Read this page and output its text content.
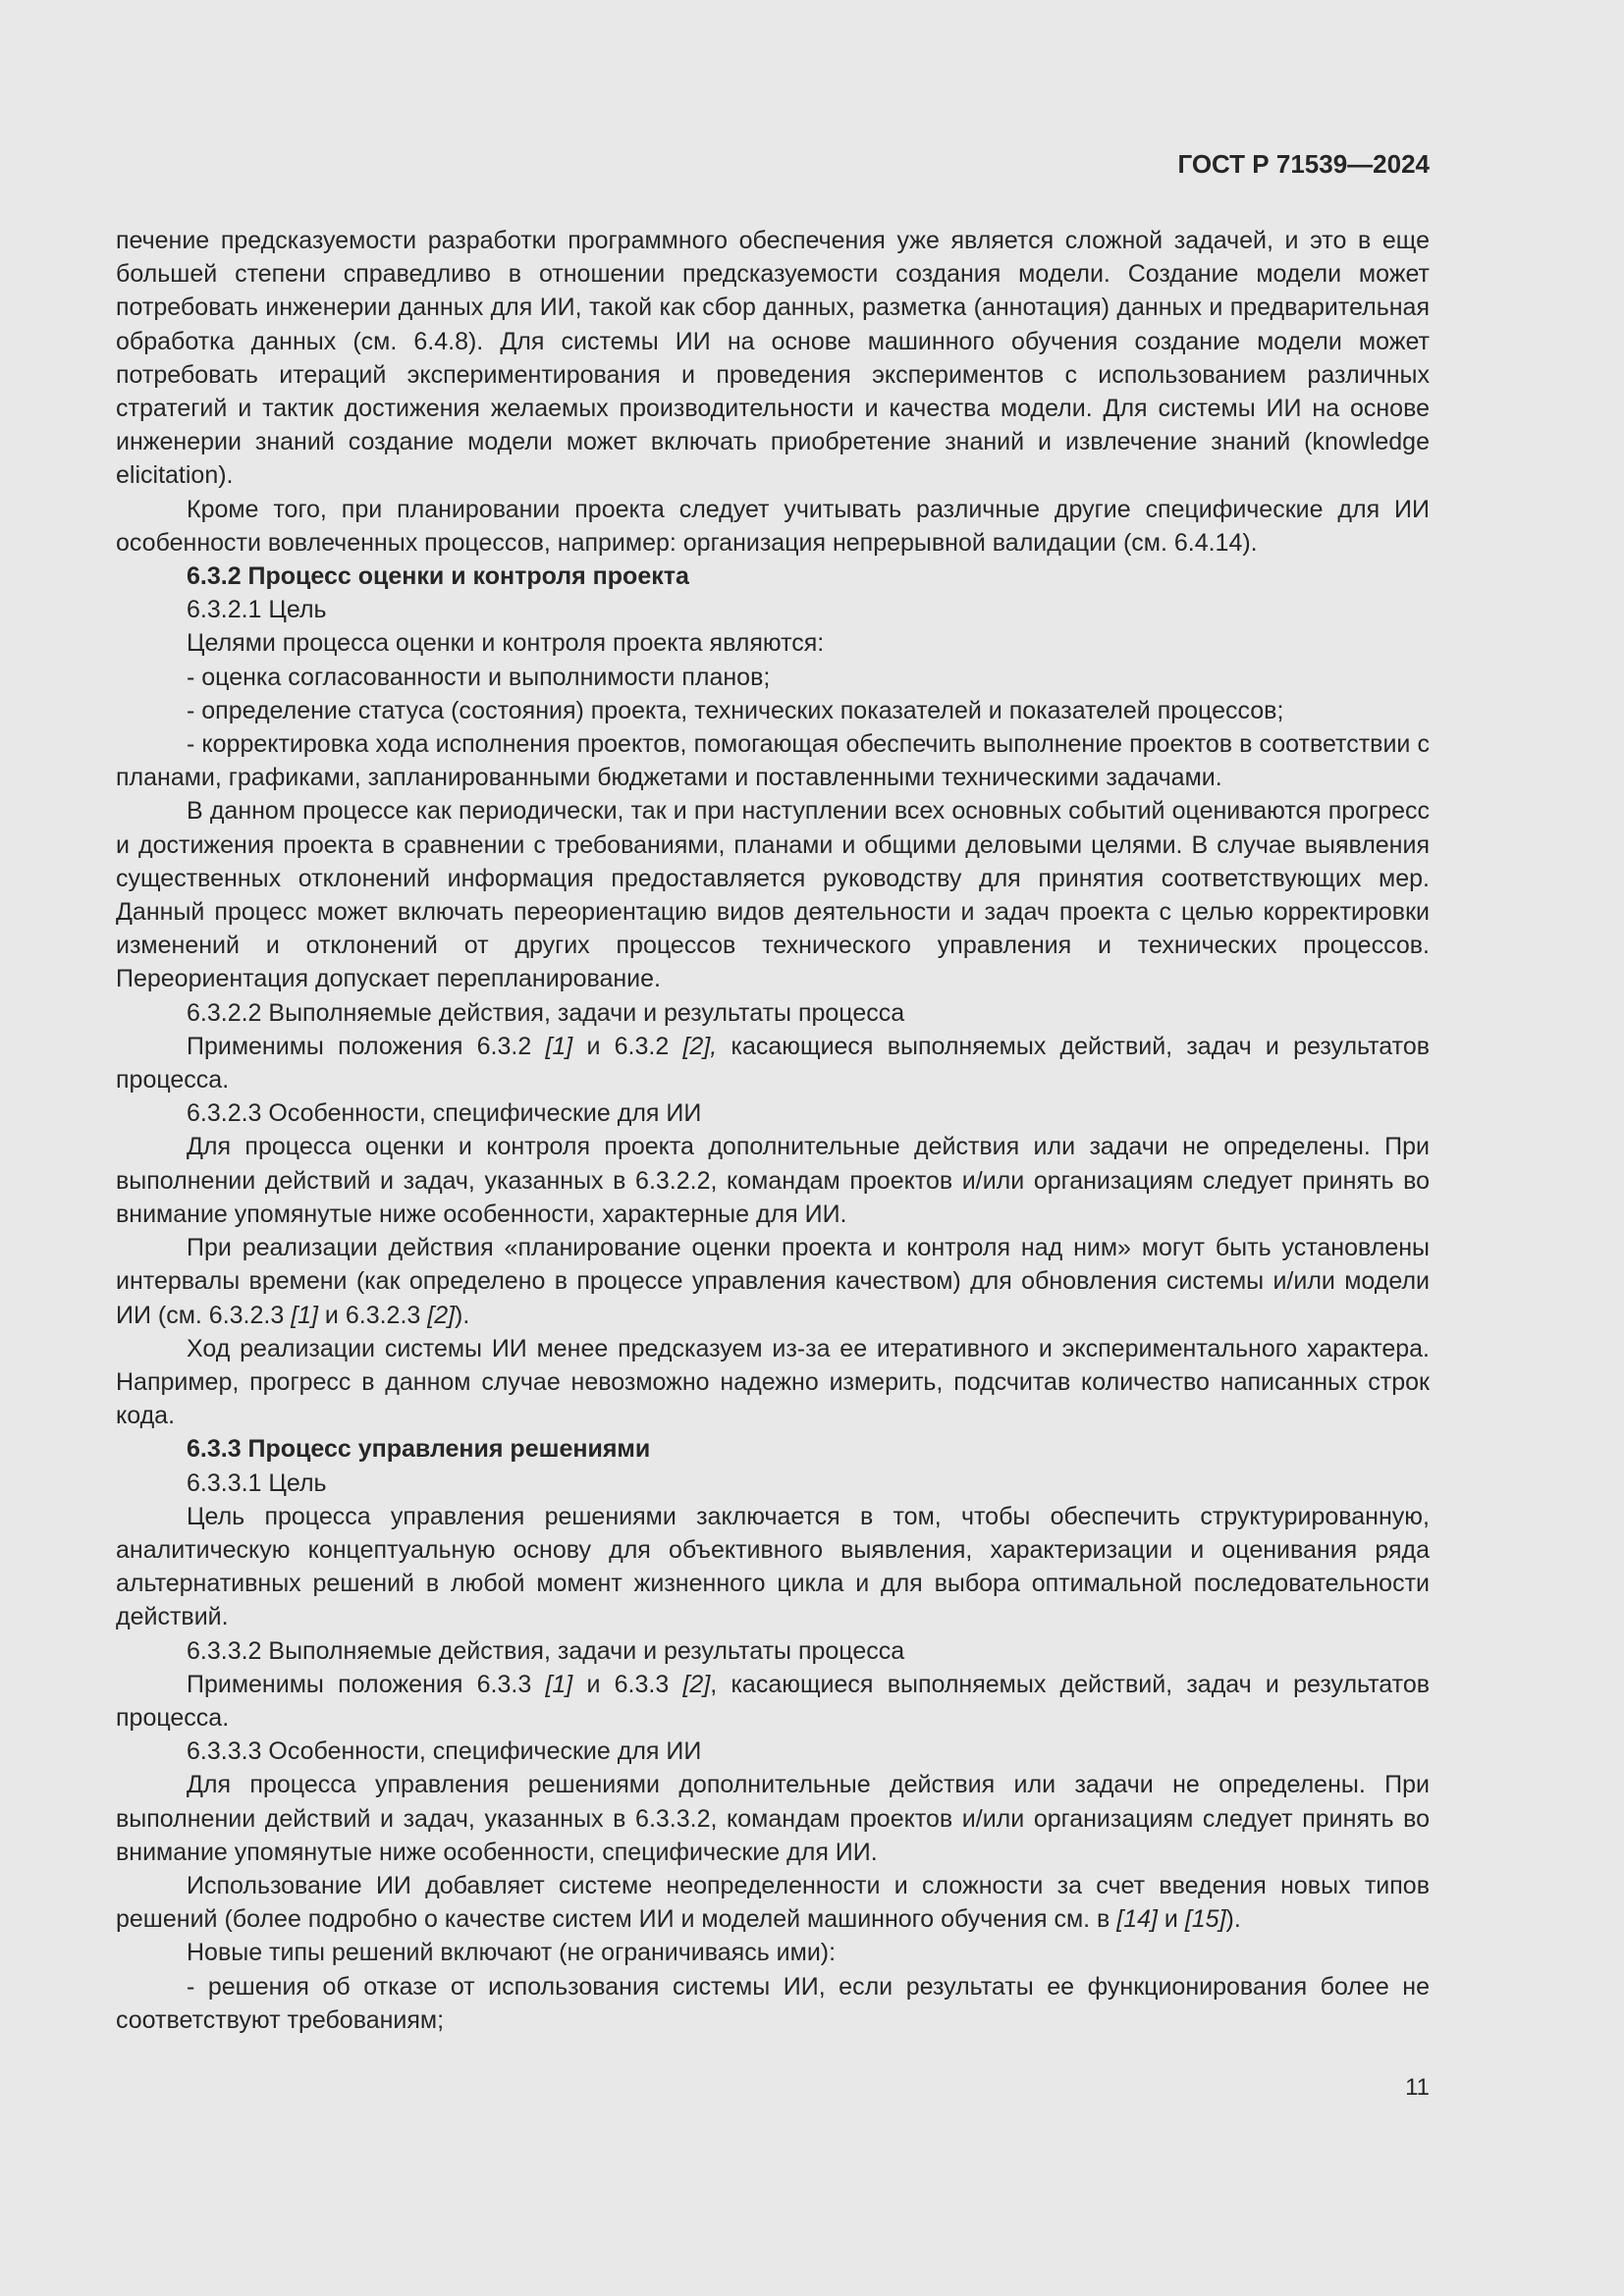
ГОСТ Р 71539—2024

печение предсказуемости разработки программного обеспечения уже является сложной задачей, и это в еще большей степени справедливо в отношении предсказуемости создания модели. Создание модели может потребовать инженерии данных для ИИ, такой как сбор данных, разметка (аннотация) данных и предварительная обработка данных (см. 6.4.8). Для системы ИИ на основе машинного обучения создание модели может потребовать итераций экспериментирования и проведения экспериментов с использованием различных стратегий и тактик достижения желаемых производительности и качества модели. Для системы ИИ на основе инженерии знаний создание модели может включать приобретение знаний и извлечение знаний (knowledge elicitation).

Кроме того, при планировании проекта следует учитывать различные другие специфические для ИИ особенности вовлеченных процессов, например: организация непрерывной валидации (см. 6.4.14).

6.3.2 Процесс оценки и контроля проекта

6.3.2.1 Цель

Целями процесса оценки и контроля проекта являются:

- оценка согласованности и выполнимости планов;

- определение статуса (состояния) проекта, технических показателей и показателей процессов;

- корректировка хода исполнения проектов, помогающая обеспечить выполнение проектов в соответствии с планами, графиками, запланированными бюджетами и поставленными техническими задачами.

В данном процессе как периодически, так и при наступлении всех основных событий оцениваются прогресс и достижения проекта в сравнении с требованиями, планами и общими деловыми целями. В случае выявления существенных отклонений информация предоставляется руководству для принятия соответствующих мер. Данный процесс может включать переориентацию видов деятельности и задач проекта с целью корректировки изменений и отклонений от других процессов технического управления и технических процессов. Переориентация допускает перепланирование.

6.3.2.2 Выполняемые действия, задачи и результаты процесса

Применимы положения 6.3.2 [1] и 6.3.2 [2], касающиеся выполняемых действий, задач и результатов процесса.

6.3.2.3 Особенности, специфические для ИИ

Для процесса оценки и контроля проекта дополнительные действия или задачи не определены. При выполнении действий и задач, указанных в 6.3.2.2, командам проектов и/или организациям следует принять во внимание упомянутые ниже особенности, характерные для ИИ.

При реализации действия «планирование оценки проекта и контроля над ним» могут быть установлены интервалы времени (как определено в процессе управления качеством) для обновления системы и/или модели ИИ (см. 6.3.2.3 [1] и 6.3.2.3 [2]).

Ход реализации системы ИИ менее предсказуем из-за ее итеративного и экспериментального характера. Например, прогресс в данном случае невозможно надежно измерить, подсчитав количество написанных строк кода.

6.3.3 Процесс управления решениями

6.3.3.1 Цель

Цель процесса управления решениями заключается в том, чтобы обеспечить структурированную, аналитическую концептуальную основу для объективного выявления, характеризации и оценивания ряда альтернативных решений в любой момент жизненного цикла и для выбора оптимальной последовательности действий.

6.3.3.2 Выполняемые действия, задачи и результаты процесса

Применимы положения 6.3.3 [1] и 6.3.3 [2], касающиеся выполняемых действий, задач и результатов процесса.

6.3.3.3 Особенности, специфические для ИИ

Для процесса управления решениями дополнительные действия или задачи не определены. При выполнении действий и задач, указанных в 6.3.3.2, командам проектов и/или организациям следует принять во внимание упомянутые ниже особенности, специфические для ИИ.

Использование ИИ добавляет системе неопределенности и сложности за счет введения новых типов решений (более подробно о качестве систем ИИ и моделей машинного обучения см. в [14] и [15]).

Новые типы решений включают (не ограничиваясь ими):

- решения об отказе от использования системы ИИ, если результаты ее функционирования более не соответствуют требованиям;

11
